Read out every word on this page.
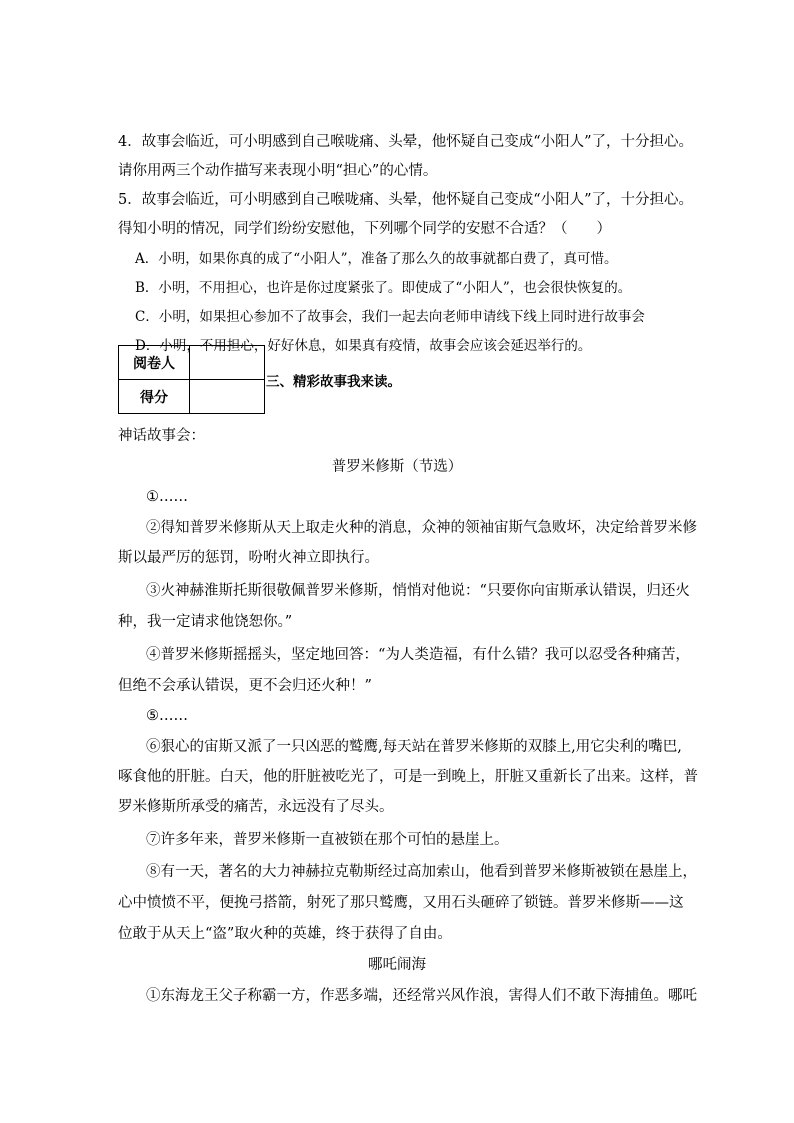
4．故事会临近，可小明感到自己喉咙痛、头晕，他怀疑自己变成“小阳人”了，十分担心。
请你用两三个动作描写来表现小明“担心”的心情。
5．故事会临近，可小明感到自己喉咙痛、头晕，他怀疑自己变成“小阳人”了，十分担心。
得知小明的情况，同学们纷纷安慰他，下列哪个同学的安慰不合适？（　　）
A．小明，如果你真的成了“小阳人”，准备了那么久的故事就都白费了，真可惜。
B．小明，不用担心，也许是你过度紧张了。即使成了“小阳人”，也会很快恢复的。
C．小明，如果担心参加不了故事会，我们一起去向老师申请线下线上同时进行故事会
D．小明，不用担心，好好休息，如果真有疫情，故事会应该会延迟举行的。
阅卷人	
得分	
三、精彩故事我来读。
神话故事会：
普罗米修斯（节选）
①……
②得知普罗米修斯从天上取走火种的消息，众神的领袖宙斯气急败坏，决定给普罗米修
斯以最严厉的惩罚，吩咐火神立即执行。
③火神赫淮斯托斯很敬佩普罗米修斯，悄悄对他说：“只要你向宙斯承认错误，归还火
种，我一定请求他饶恕你。”
④普罗米修斯摇摇头，坚定地回答：“为人类造福，有什么错？我可以忍受各种痛苦，
但绝不会承认错误，更不会归还火种！”
⑤……
⑥狠心的宙斯又派了一只凶恶的鹫鹰,每天站在普罗米修斯的双膝上,用它尖利的嘴巴,
啄食他的肝脏。白天，他的肝脏被吃光了，可是一到晚上，肝脏又重新长了出来。这样，普
罗米修斯所承受的痛苦，永远没有了尽头。
⑦许多年来，普罗米修斯一直被锁在那个可怕的悬崖上。
⑧有一天，著名的大力神赫拉克勒斯经过高加索山，他看到普罗米修斯被锁在悬崖上，
心中愤愤不平，便挽弓搭箭，射死了那只鹫鹰，又用石头砸碎了锁链。普罗米修斯——这
位敢于从天上“盗”取火种的英雄，终于获得了自由。
哪吒闹海
①东海龙王父子称霸一方，作恶多端，还经常兴风作浪，害得人们不敢下海捕鱼。哪吒
